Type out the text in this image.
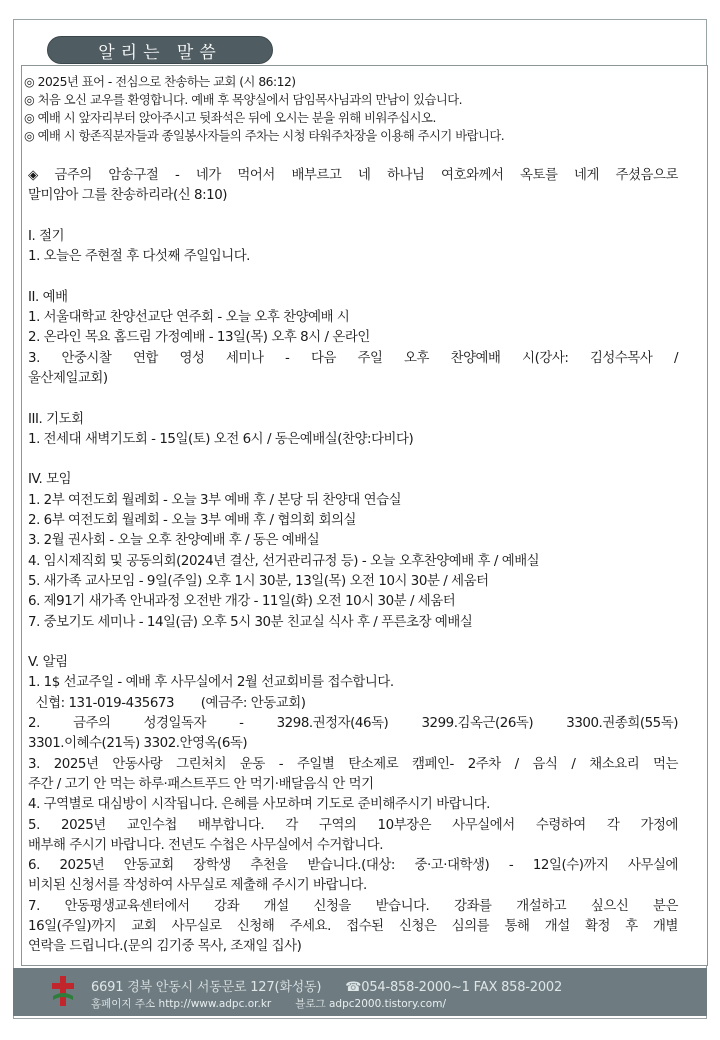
알리는 말씀
◎ 2025년 표어 - 전심으로 찬송하는 교회 (시 86:12)
◎ 처음 오신 교우를 환영합니다. 예배 후 목양실에서 담임목사님과의 만남이 있습니다.
◎ 예배 시 앞자리부터 앉아주시고 뒷좌석은 뒤에 오시는 분을 위해 비워주십시오.
◎ 예배 시 항존직분자들과 종일봉사자들의 주차는 시청 타워주차장을 이용해 주시기 바랍니다.
◈ 금주의 암송구절 - 네가 먹어서 배부르고 네 하나님 여호와께서 옥토를 네게 주셨음으로
말미암아 그를 찬송하리라(신 8:10)
I. 절기
1. 오늘은 주현절 후 다섯째 주일입니다.
II. 예배
1. 서울대학교 찬양선교단 연주회 - 오늘 오후 찬양예배 시
2. 온라인 목요 홈드림 가정예배 - 13일(목) 오후 8시 / 온라인
3. 안중시찰 연합 영성 세미나 - 다음 주일 오후 찬양예배 시(강사: 김성수목사 /
울산제일교회)
III. 기도회
1. 전세대 새벽기도회 - 15일(토) 오전 6시 / 동은예배실(찬양:다비다)
IV. 모임
1. 2부 여전도회 월례회 - 오늘 3부 예배 후 / 본당 뒤 찬양대 연습실
2. 6부 여전도회 월례회 - 오늘 3부 예배 후 / 협의회 회의실
3. 2월 권사회 - 오늘 오후 찬양예배 후 / 동은 예배실
4. 임시제직회 및 공동의회(2024년 결산, 선거관리규정 등) - 오늘 오후찬양예배 후 / 예배실
5. 새가족 교사모임 - 9일(주일) 오후 1시 30분, 13일(목) 오전 10시 30분 / 세움터
6. 제91기 새가족 안내과정 오전반 개강 - 11일(화) 오전 10시 30분 / 세움터
7. 중보기도 세미나 - 14일(금) 오후 5시 30분 친교실 식사 후 / 푸른초장 예배실
V. 알림
1. 1$ 선교주일 - 예배 후 사무실에서 2월 선교회비를 접수합니다.
신협: 131-019-435673       (예금주: 안동교회)
2. 금주의 성경일독자 - 3298.권정자(46독) 3299.김옥근(26독) 3300.권종희(55독)
3301.이혜수(21독) 3302.안영옥(6독)
3. 2025년 안동사랑 그린처치 운동 - 주일별 탄소제로 캠페인- 2주차 / 음식 / 채소요리 먹는
주간 / 고기 안 먹는 하루·패스트푸드 안 먹기·배달음식 안 먹기
4. 구역별로 대심방이 시작됩니다. 은혜를 사모하며 기도로 준비해주시기 바랍니다.
5. 2025년 교인수첩 배부합니다. 각 구역의 10부장은 사무실에서 수령하여 각 가정에
배부해 주시기 바랍니다. 전년도 수첩은 사무실에서 수거합니다.
6. 2025년 안동교회 장학생 추천을 받습니다.(대상: 중·고·대학생) - 12일(수)까지 사무실에
비치된 신청서를 작성하여 사무실로 제출해 주시기 바랍니다.
7. 안동평생교육센터에서 강좌 개설 신청을 받습니다. 강좌를 개설하고 싶으신 분은
16일(주일)까지 교회 사무실로 신청해 주세요. 접수된 신청은 심의를 통해 개설 확정 후 개별
연락을 드립니다.(문의 김기중 목사, 조재일 집사)
6691 경북 안동시 서동문로 127(화성동) ☎054-858-2000~1 FAX 858-2002
홈페이지 주소 http://www.adpc.or.kr 블로그 adpc2000.tistory.com/
